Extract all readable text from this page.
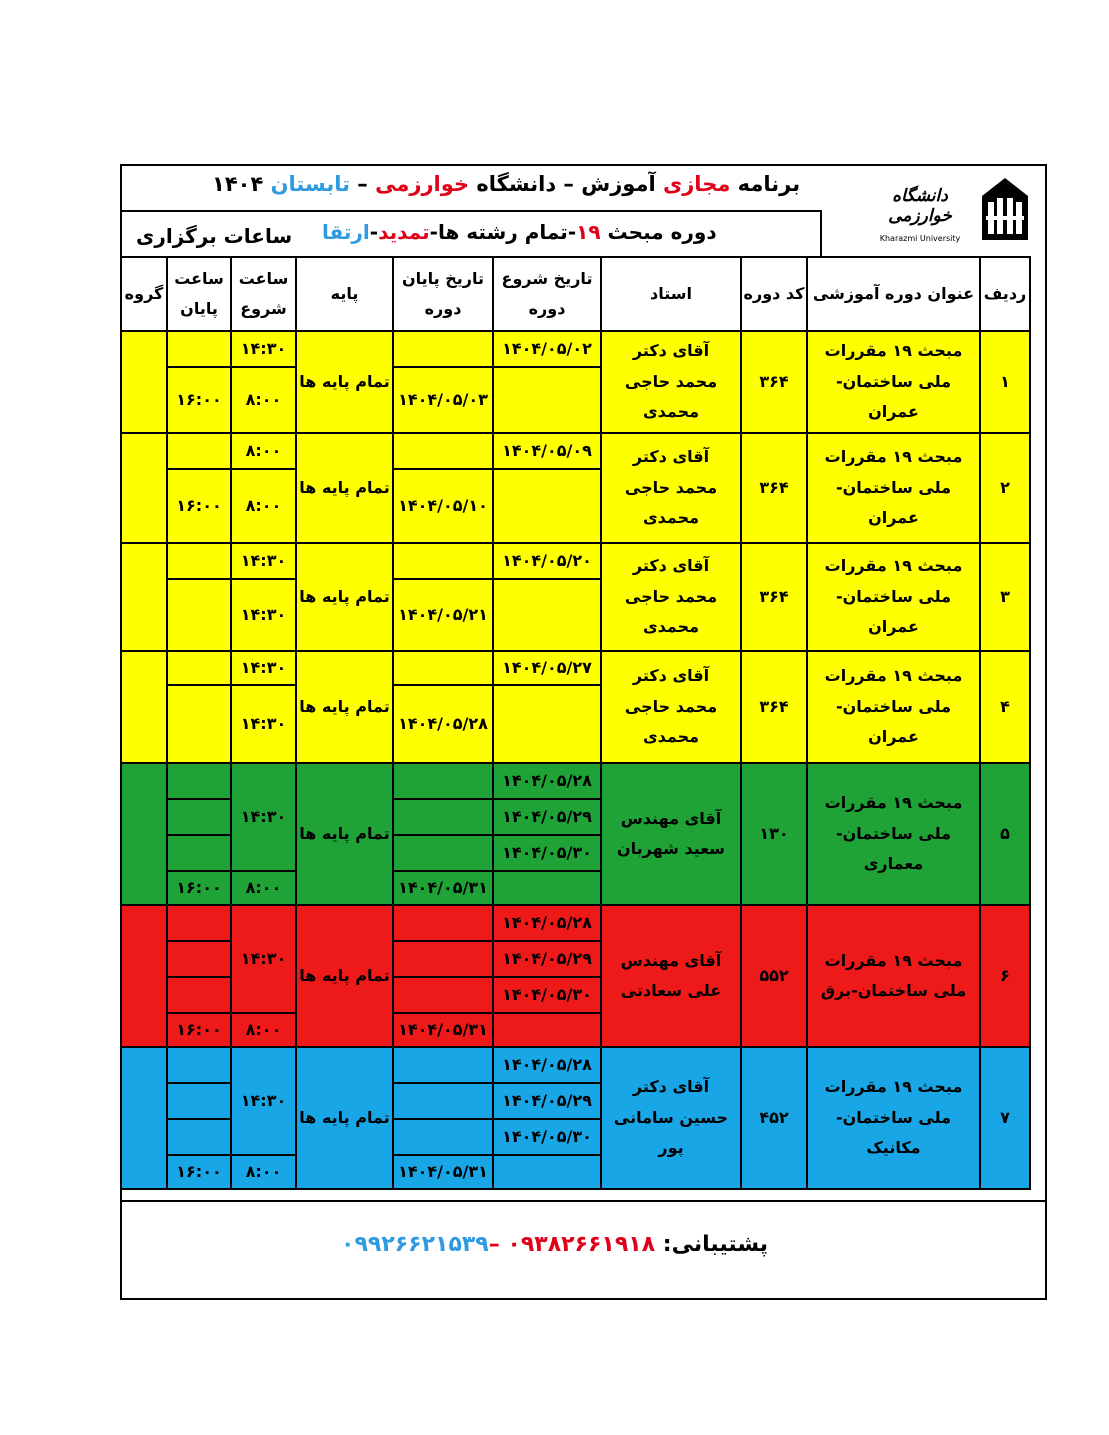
برنامه مجازی آموزش – دانشگاه خوارزمی – تابستان ۱۴۰۴
دوره مبحث ۱۹-تمام رشته ها-تمدید-ارتقا
ساعات برگزاری
دانشگاه خوارزمی
Kharazmi University
ردیف	عنوان دوره آموزشی	کد دوره	استاد	تاریخ شروع دوره	تاریخ پایان دوره	پایه	ساعت شروع	ساعت پایان	گروه
۱	مبحث ۱۹ مقررات ملی ساختمان-عمران	۳۶۴	آقای دکتر محمد حاجی محمدی	۱۴۰۴/۰۵/۰۲		تمام پایه ها	۱۴:۳۰		
					۱۴۰۴/۰۵/۰۳		۸:۰۰	۱۶:۰۰	
۲	مبحث ۱۹ مقررات ملی ساختمان-عمران	۳۶۴	آقای دکتر محمد حاجی محمدی	۱۴۰۴/۰۵/۰۹		تمام پایه ها	۸:۰۰		
					۱۴۰۴/۰۵/۱۰		۸:۰۰	۱۶:۰۰	
۳	مبحث ۱۹ مقررات ملی ساختمان-عمران	۳۶۴	آقای دکتر محمد حاجی محمدی	۱۴۰۴/۰۵/۲۰		تمام پایه ها	۱۴:۳۰		
					۱۴۰۴/۰۵/۲۱		۱۴:۳۰		
۴	مبحث ۱۹ مقررات ملی ساختمان-عمران	۳۶۴	آقای دکتر محمد حاجی محمدی	۱۴۰۴/۰۵/۲۷		تمام پایه ها	۱۴:۳۰		
					۱۴۰۴/۰۵/۲۸		۱۴:۳۰		
۵	مبحث ۱۹ مقررات ملی ساختمان-معماری	۱۳۰	آقای مهندس سعید شهربان	۱۴۰۴/۰۵/۲۸		تمام پایه ها	۱۴:۳۰		
				۱۴۰۴/۰۵/۲۹					
				۱۴۰۴/۰۵/۳۰					
					۱۴۰۴/۰۵/۳۱		۸:۰۰	۱۶:۰۰	
۶	مبحث ۱۹ مقررات ملی ساختمان-برق	۵۵۲	آقای مهندس علی سعادتی	۱۴۰۴/۰۵/۲۸		تمام پایه ها	۱۴:۳۰		
				۱۴۰۴/۰۵/۲۹					
				۱۴۰۴/۰۵/۳۰					
					۱۴۰۴/۰۵/۳۱		۸:۰۰	۱۶:۰۰	
۷	مبحث ۱۹ مقررات ملی ساختمان-مکانیک	۴۵۲	آقای دکتر حسین سامانی پور	۱۴۰۴/۰۵/۲۸		تمام پایه ها	۱۴:۳۰		
				۱۴۰۴/۰۵/۲۹					
				۱۴۰۴/۰۵/۳۰					
					۱۴۰۴/۰۵/۳۱		۸:۰۰	۱۶:۰۰	
پشتیبانی: ۰۹۳۸۲۶۶۱۹۱۸ –۰۹۹۲۶۶۲۱۵۳۹
